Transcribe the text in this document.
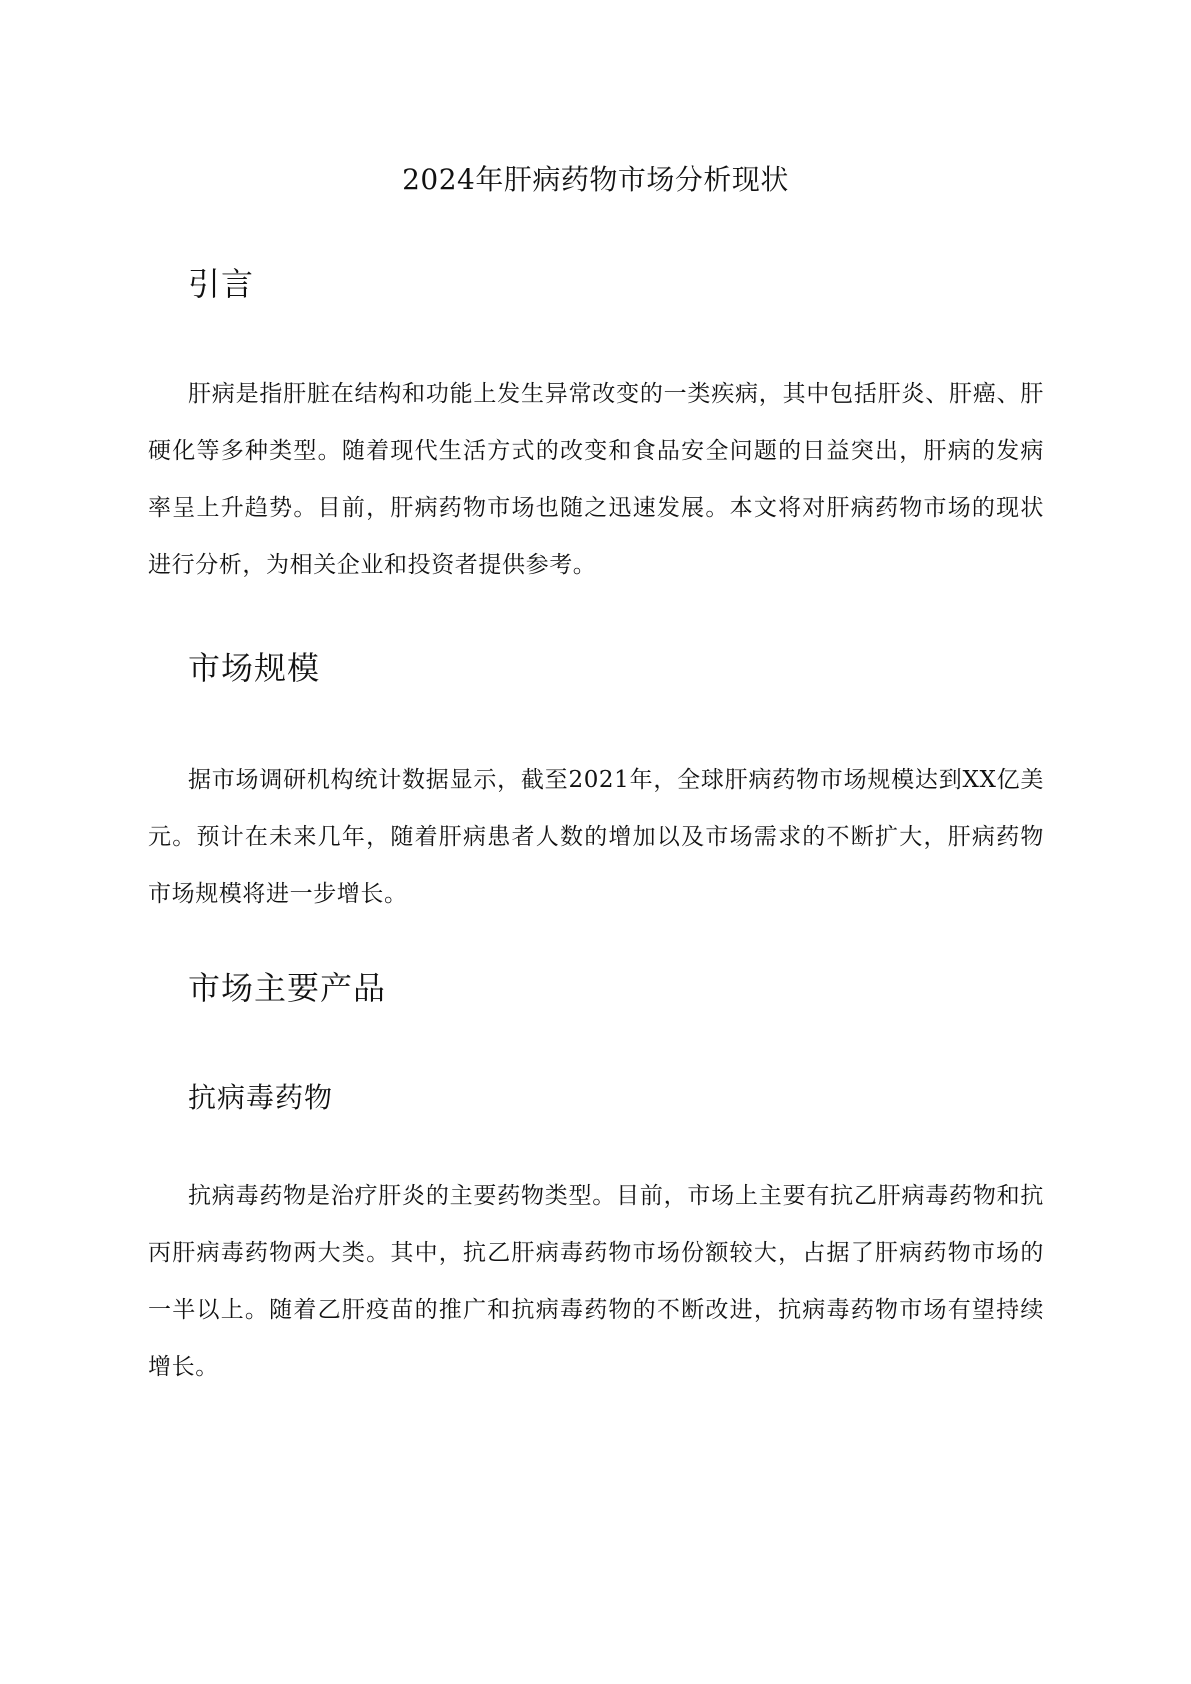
2024年肝病药物市场分析现状
引言

肝病是指肝脏在结构和功能上发生异常改变的一类疾病，其中包括肝炎、肝癌、肝硬化等多种类型。随着现代生活方式的改变和食品安全问题的日益突出，肝病的发病率呈上升趋势。目前，肝病药物市场也随之迅速发展。本文将对肝病药物市场的现状进行分析，为相关企业和投资者提供参考。

市场规模

据市场调研机构统计数据显示，截至2021年，全球肝病药物市场规模达到XX亿美元。预计在未来几年，随着肝病患者人数的增加以及市场需求的不断扩大，肝病药物市场规模将进一步增长。

市场主要产品
抗病毒药物

抗病毒药物是治疗肝炎的主要药物类型。目前，市场上主要有抗乙肝病毒药物和抗丙肝病毒药物两大类。其中，抗乙肝病毒药物市场份额较大，占据了肝病药物市场的一半以上。随着乙肝疫苗的推广和抗病毒药物的不断改进，抗病毒药物市场有望持续增长。
